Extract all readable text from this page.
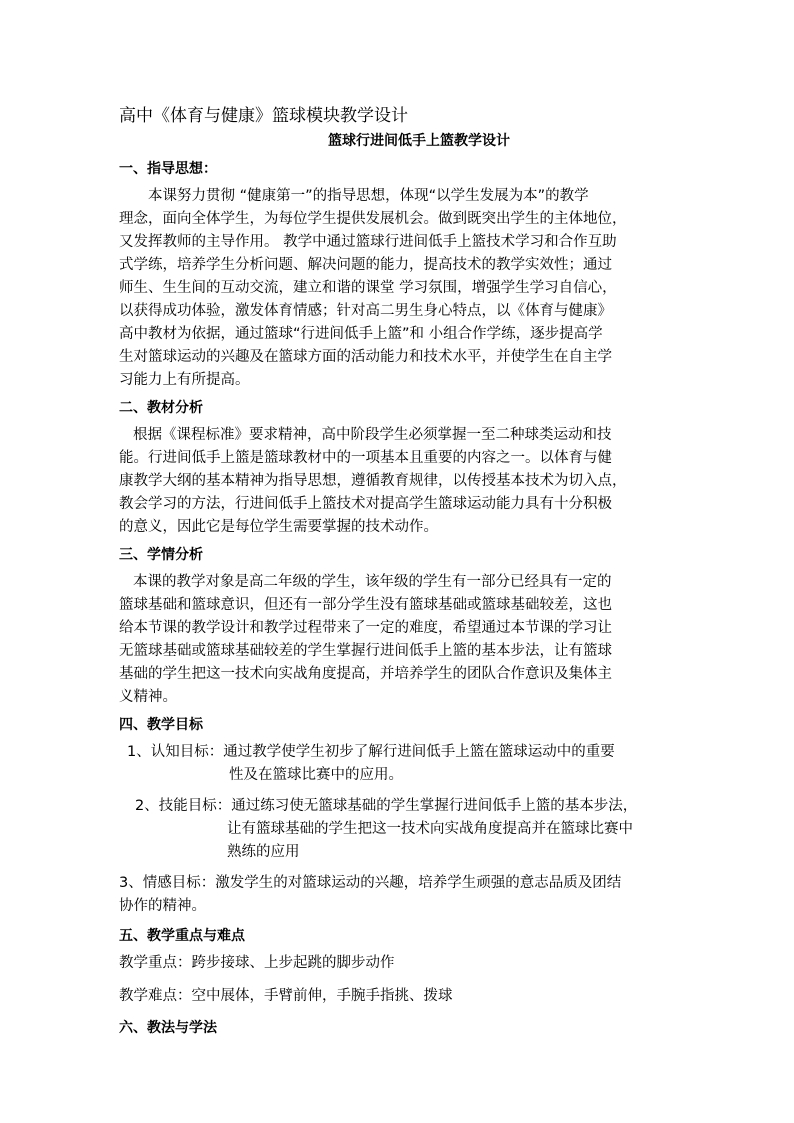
高中《体育与健康》篮球模块教学设计
篮球行进间低手上篮教学设计
一、指导思想：
本课努力贯彻 “健康第一”的指导思想，体现“以学生发展为本”的教学
理念，面向全体学生，为每位学生提供发展机会。做到既突出学生的主体地位，
又发挥教师的主导作用。 教学中通过篮球行进间低手上篮技术学习和合作互助
式学练，培养学生分析问题、解决问题的能力，提高技术的教学实效性；通过
师生、生生间的互动交流，建立和谐的课堂 学习氛围，增强学生学习自信心，
以获得成功体验，激发体育情感；针对高二男生身心特点，以《体育与健康》
高中教材为依据，通过篮球“行进间低手上篮”和 小组合作学练，逐步提高学
生对篮球运动的兴趣及在篮球方面的活动能力和技术水平，并使学生在自主学
习能力上有所提高。
二、教材分析
根据《课程标准》要求精神，高中阶段学生必须掌握一至二种球类运动和技
能。行进间低手上篮是篮球教材中的一项基本且重要的内容之一。以体育与健
康教学大纲的基本精神为指导思想，遵循教育规律，以传授基本技术为切入点，
教会学习的方法，行进间低手上篮技术对提高学生篮球运动能力具有十分积极
的意义，因此它是每位学生需要掌握的技术动作。
三、学情分析
本课的教学对象是高二年级的学生，该年级的学生有一部分已经具有一定的
篮球基础和篮球意识，但还有一部分学生没有篮球基础或篮球基础较差，这也
给本节课的教学设计和教学过程带来了一定的难度，希望通过本节课的学习让
无篮球基础或篮球基础较差的学生掌握行进间低手上篮的基本步法，让有篮球
基础的学生把这一技术向实战角度提高，并培养学生的团队合作意识及集体主
义精神。
四、教学目标
1、认知目标：通过教学使学生初步了解行进间低手上篮在篮球运动中的重要
性及在篮球比赛中的应用。
2、技能目标：通过练习使无篮球基础的学生掌握行进间低手上篮的基本步法，
让有篮球基础的学生把这一技术向实战角度提高并在篮球比赛中
熟练的应用
3、情感目标：激发学生的对篮球运动的兴趣，培养学生顽强的意志品质及团结
协作的精神。
五、教学重点与难点
教学重点：跨步接球、上步起跳的脚步动作
教学难点：空中展体，手臂前伸，手腕手指挑、拨球
六、教法与学法
